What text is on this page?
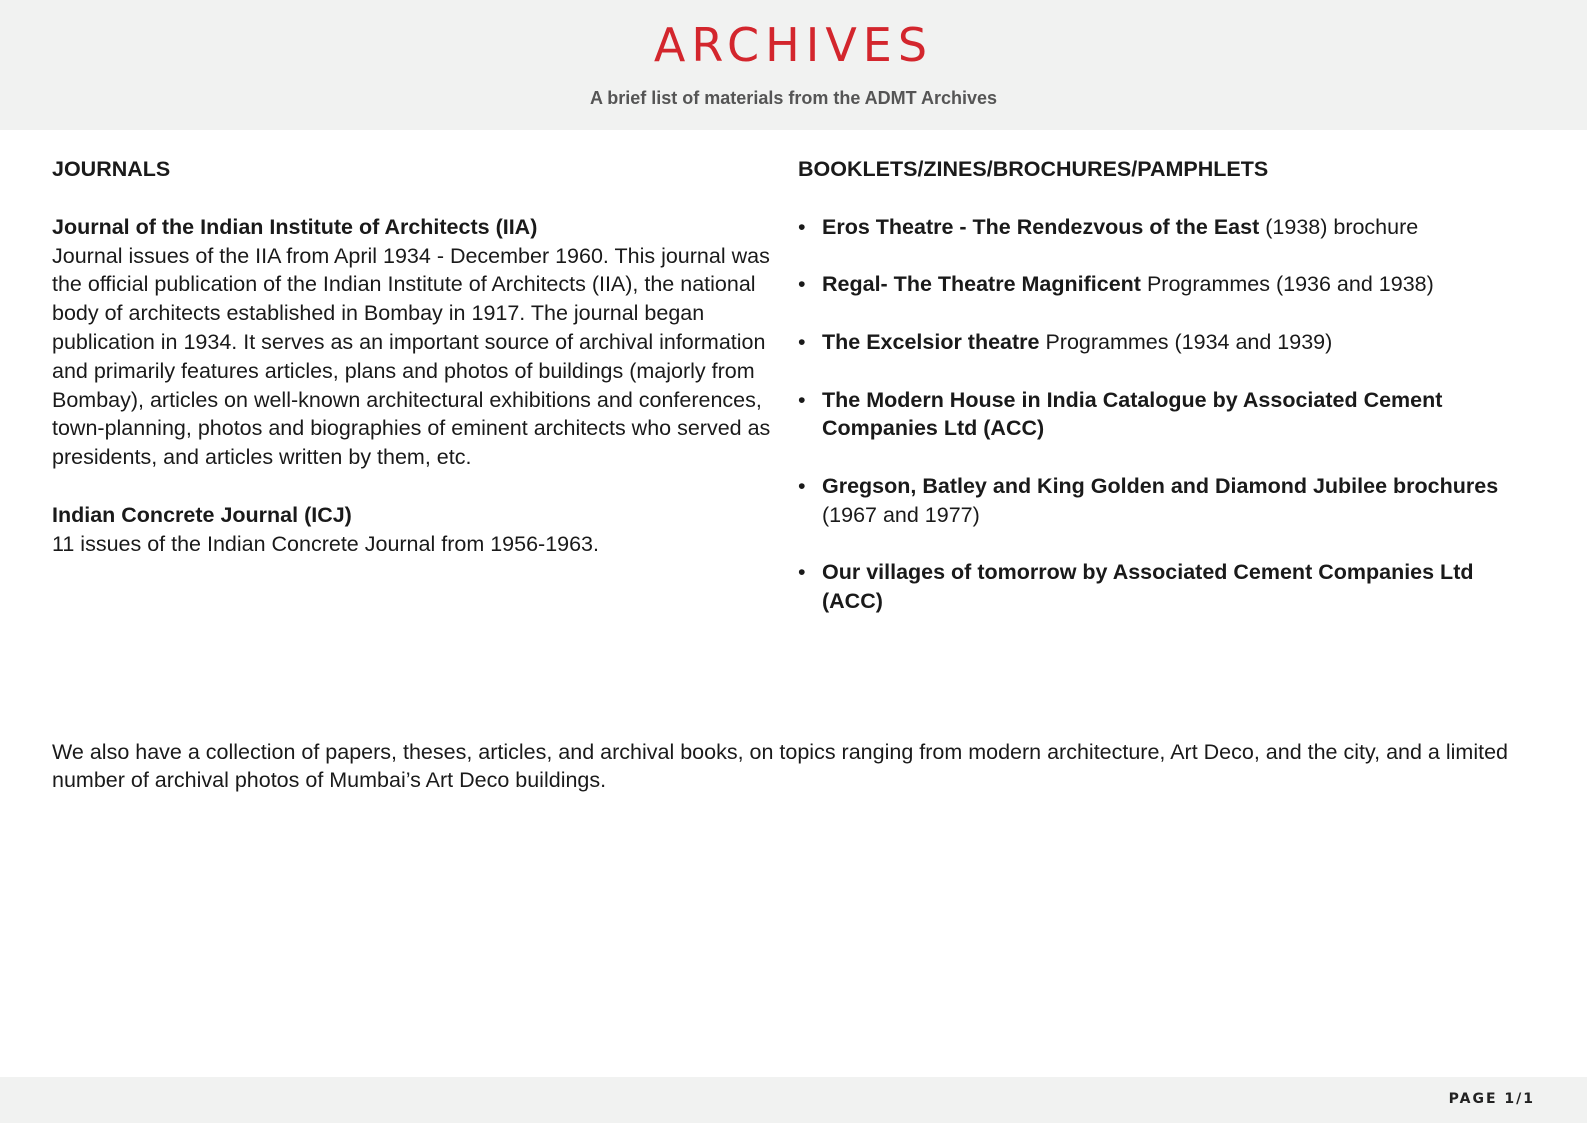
ARCHIVES
A brief list of materials from the ADMT Archives
JOURNALS

Journal of the Indian Institute of Architects (IIA)

Journal issues of the IIA from April 1934 - December 1960. This journal was the official publication of the Indian Institute of Architects (IIA), the national body of architects established in Bombay in 1917. The journal began publication in 1934. It serves as an important source of archival information and primarily features articles, plans and photos of buildings (majorly from Bombay), articles on well-known architectural exhibitions and conferences, town-planning, photos and biographies of eminent architects who served as presidents, and articles written by them, etc.

Indian Concrete Journal (ICJ)

11 issues of the Indian Concrete Journal from 1956-1963.

BOOKLETS/ZINES/BROCHURES/PAMPHLETS
• Eros Theatre - The Rendezvous of the East (1938) brochure
• Regal- The Theatre Magnificent Programmes (1936 and 1938)
• The Excelsior theatre Programmes (1934 and 1939)
• The Modern House in India Catalogue by Associated Cement Companies Ltd (ACC)
• Gregson, Batley and King Golden and Diamond Jubilee brochures (1967 and 1977)
• Our villages of tomorrow by Associated Cement Companies Ltd (ACC)

We also have a collection of papers, theses, articles, and archival books, on topics ranging from modern architecture, Art Deco, and the city, and a limited number of archival photos of Mumbai’s Art Deco buildings.

PAGE 1/1
